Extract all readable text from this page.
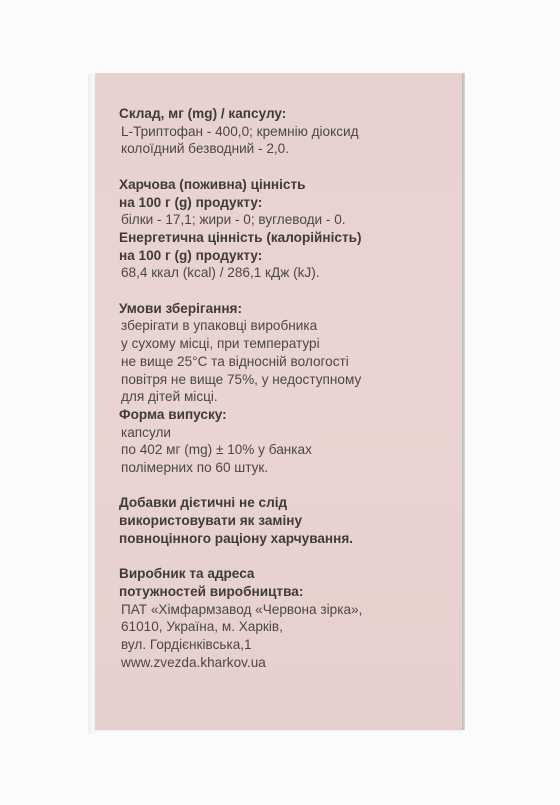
Склад, мг (mg) / капсулу:
L-Триптофан - 400,0; кремнію діоксид
колоїдний безводний - 2,0.
Харчова (поживна) цінність
на 100 г (g) продукту:
білки - 17,1; жири - 0; вуглеводи - 0.
Енергетична цінність (калорійність)
на 100 г (g) продукту:
68,4 ккал (kcal) / 286,1 кДж (kJ).
Умови зберігання:
зберігати в упаковці виробника
у сухому місці, при температурі
не вище 25°С та відносній вологості
повітря не вище 75%, у недоступному
для дітей місці.
Форма випуску:
капсули
по 402 мг (mg) ± 10% у банках
полімерних по 60 штук.
Добавки дієтичні не слід
використовувати як заміну
повноцінного раціону харчування.
Виробник та адреса
потужностей виробництва:
ПАТ «Хімфармзавод «Червона зірка»,
61010, Україна, м. Харків,
вул. Гордієнківська,1
www.zvezda.kharkov.ua
